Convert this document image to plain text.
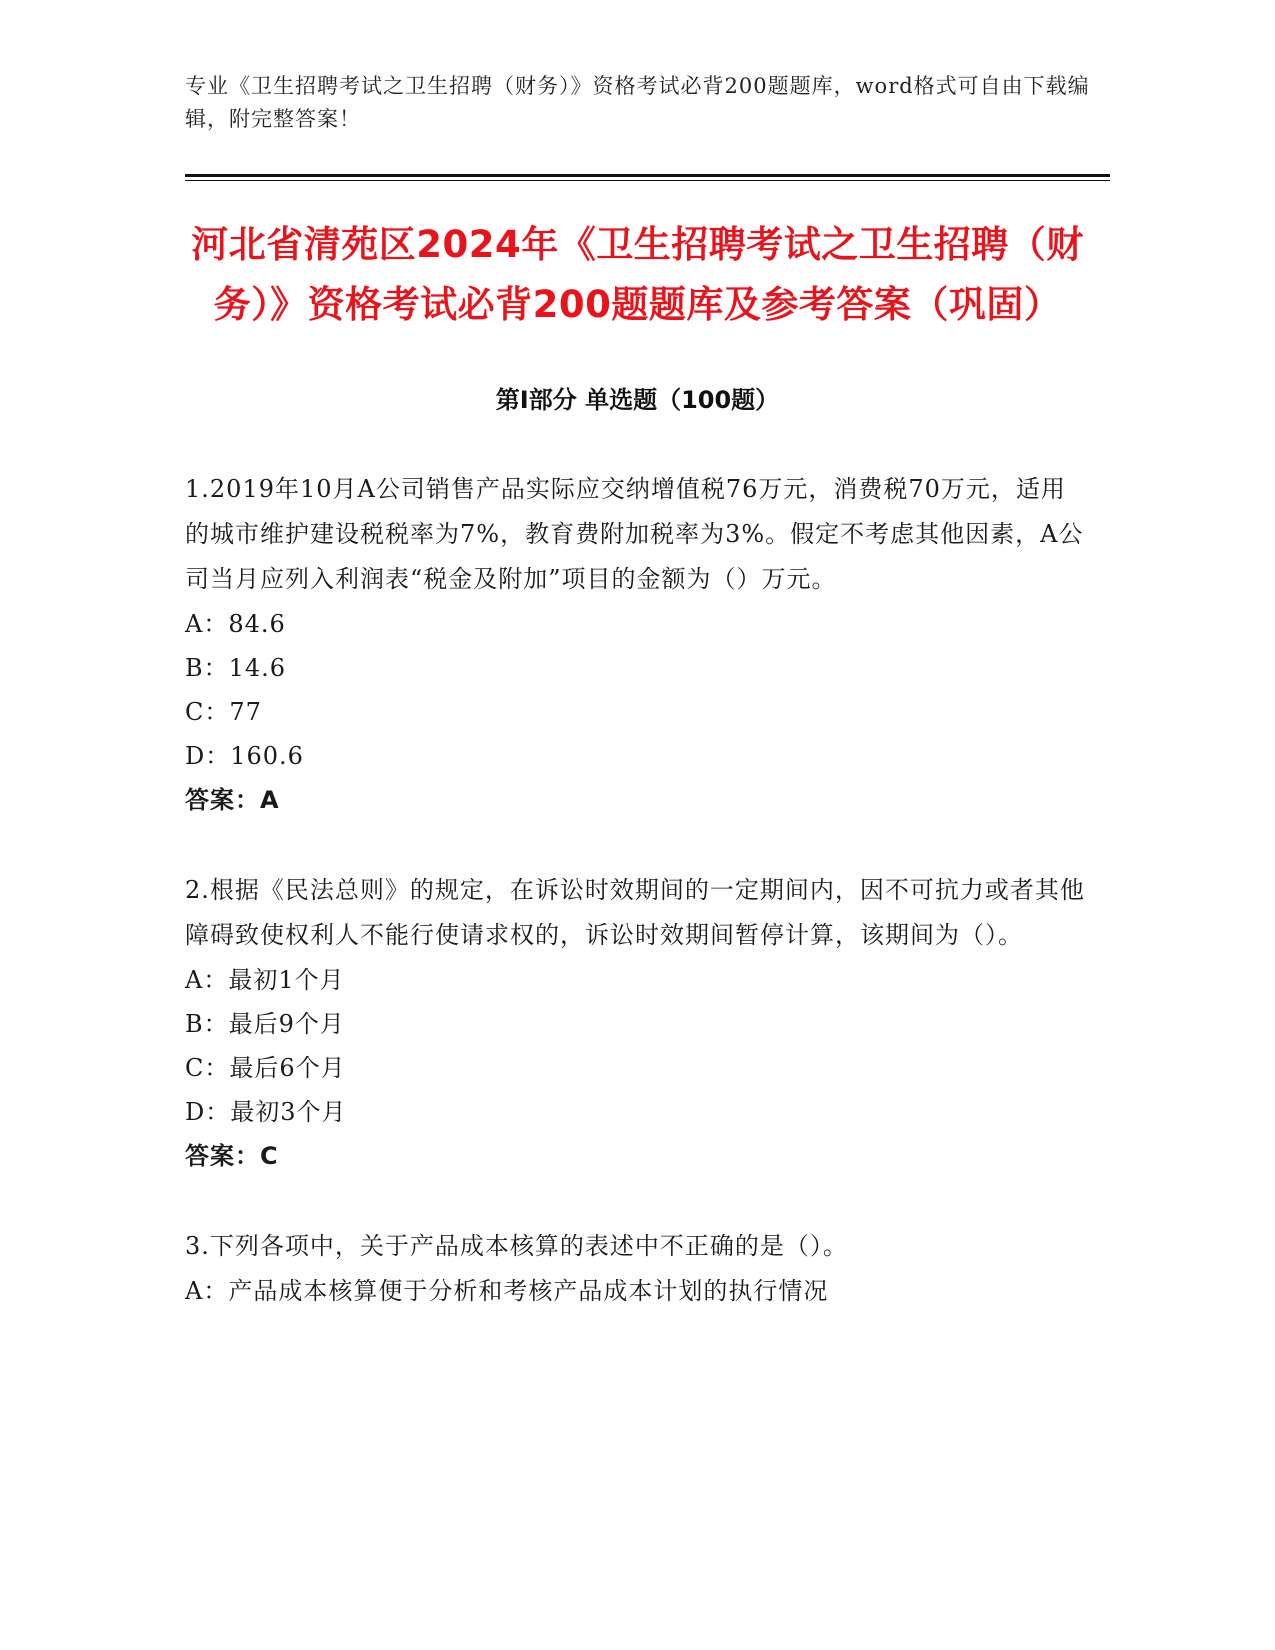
专业《卫生招聘考试之卫生招聘（财务）》资格考试必背200题题库，word格式可自由下载编辑，附完整答案！
河北省清苑区2024年《卫生招聘考试之卫生招聘（财务）》资格考试必背200题题库及参考答案（巩固）
第I部分 单选题（100题）
1.2019年10月A公司销售产品实际应交纳增值税76万元，消费税70万元，适用的城市维护建设税税率为7%，教育费附加税率为3%。假定不考虑其他因素，A公司当月应列入利润表“税金及附加”项目的金额为（）万元。
A：84.6
B：14.6
C：77
D：160.6
答案：A
2.根据《民法总则》的规定，在诉讼时效期间的一定期间内，因不可抗力或者其他障碍致使权利人不能行使请求权的，诉讼时效期间暂停计算，该期间为（）。
A：最初1个月
B：最后9个月
C：最后6个月
D：最初3个月
答案：C
3.下列各项中，关于产品成本核算的表述中不正确的是（）。
A：产品成本核算便于分析和考核产品成本计划的执行情况
